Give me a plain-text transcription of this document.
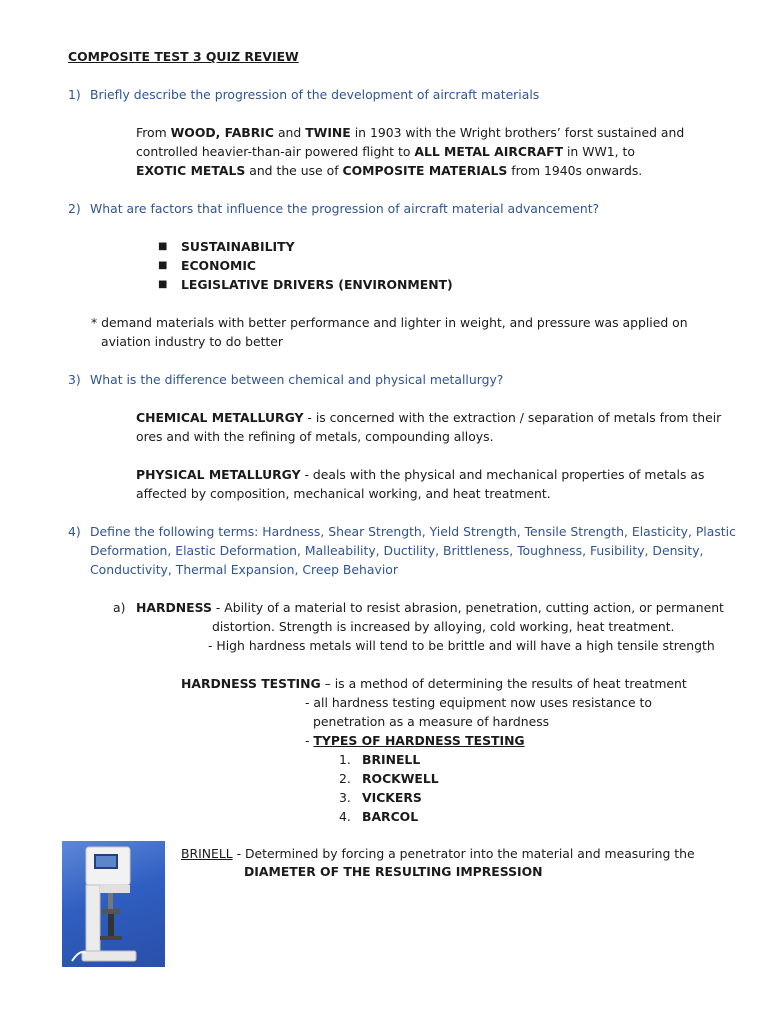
COMPOSITE TEST 3 QUIZ REVIEW
1) Briefly describe the progression of the development of aircraft materials
From WOOD, FABRIC and TWINE in 1903 with the Wright brothers’ forst sustained and
controlled heavier-than-air powered flight to ALL METAL AIRCRAFT in WW1, to
EXOTIC METALS and the use of COMPOSITE MATERIALS from 1940s onwards.
2) What are factors that influence the progression of aircraft material advancement?
■ SUSTAINABILITY
■ ECONOMIC
■ LEGISLATIVE DRIVERS (ENVIRONMENT)
* demand materials with better performance and lighter in weight, and pressure was applied on
aviation industry to do better
3) What is the difference between chemical and physical metallurgy?
CHEMICAL METALLURGY - is concerned with the extraction / separation of metals from their
ores and with the refining of metals, compounding alloys.
PHYSICAL METALLURGY - deals with the physical and mechanical properties of metals as
affected by composition, mechanical working, and heat treatment.
4) Define the following terms: Hardness, Shear Strength, Yield Strength, Tensile Strength, Elasticity, Plastic
Deformation, Elastic Deformation, Malleability, Ductility, Brittleness, Toughness, Fusibility, Density,
Conductivity, Thermal Expansion, Creep Behavior
a) HARDNESS - Ability of a material to resist abrasion, penetration, cutting action, or permanent
distortion. Strength is increased by alloying, cold working, heat treatment.
- High hardness metals will tend to be brittle and will have a high tensile strength
HARDNESS TESTING – is a method of determining the results of heat treatment
- all hardness testing equipment now uses resistance to
penetration as a measure of hardness
- TYPES OF HARDNESS TESTING
1. BRINELL
2. ROCKWELL
3. VICKERS
4. BARCOL
BRINELL - Determined by forcing a penetrator into the material and measuring the
DIAMETER OF THE RESULTING IMPRESSION
